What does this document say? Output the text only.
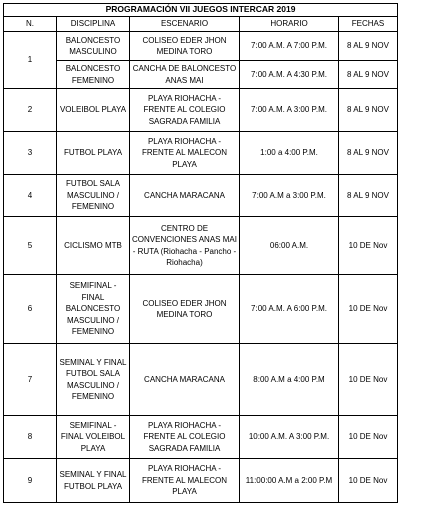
PROGRAMACIÓN VII JUEGOS INTERCAR 2019				
N.	DISCIPLINA	ESCENARIO	HORARIO	FECHAS
1	BALONCESTO MASCULINO	COLISEO EDER JHON MEDINA TORO	7:00 A.M. A 7:00 P.M.	8 AL 9 NOV
	BALONCESTO FEMENINO	CANCHA DE BALONCESTO ANAS MAI	7:00 A.M. A 4:30 P.M.	8 AL 9 NOV
2	VOLEIBOL PLAYA	PLAYA RIOHACHA - FRENTE AL COLEGIO SAGRADA FAMILIA	7:00 A.M. A 3:00 P.M.	8 AL 9 NOV
3	FUTBOL PLAYA	PLAYA RIOHACHA - FRENTE AL MALECON PLAYA	1:00 a 4:00 P.M.	8 AL 9 NOV
4	FUTBOL SALA MASCULINO / FEMENINO	CANCHA MARACANA	7:00 A.M a 3:00 P.M.	8 AL 9 NOV
5	CICLISMO MTB	CENTRO DE CONVENCIONES ANAS MAI - RUTA (Riohacha - Pancho - Riohacha)	06:00 A.M.	10 DE Nov
6	SEMIFINAL - FINAL BALONCESTO MASCULINO / FEMENINO	COLISEO EDER JHON MEDINA TORO	7:00 A.M. A 6:00 P.M.	10 DE Nov
7	SEMINAL Y FINAL FUTBOL SALA MASCULINO / FEMENINO	CANCHA MARACANA	8:00 A.M a 4:00 P.M	10 DE Nov
8	SEMIFINAL - FINAL VOLEIBOL PLAYA	PLAYA RIOHACHA - FRENTE AL COLEGIO SAGRADA FAMILIA	10:00 A.M. A 3:00 P.M.	10 DE Nov
9	SEMINAL Y FINAL FUTBOL PLAYA	PLAYA RIOHACHA - FRENTE AL MALECON PLAYA	11:00:00 A.M a 2:00 P.M	10 DE Nov
